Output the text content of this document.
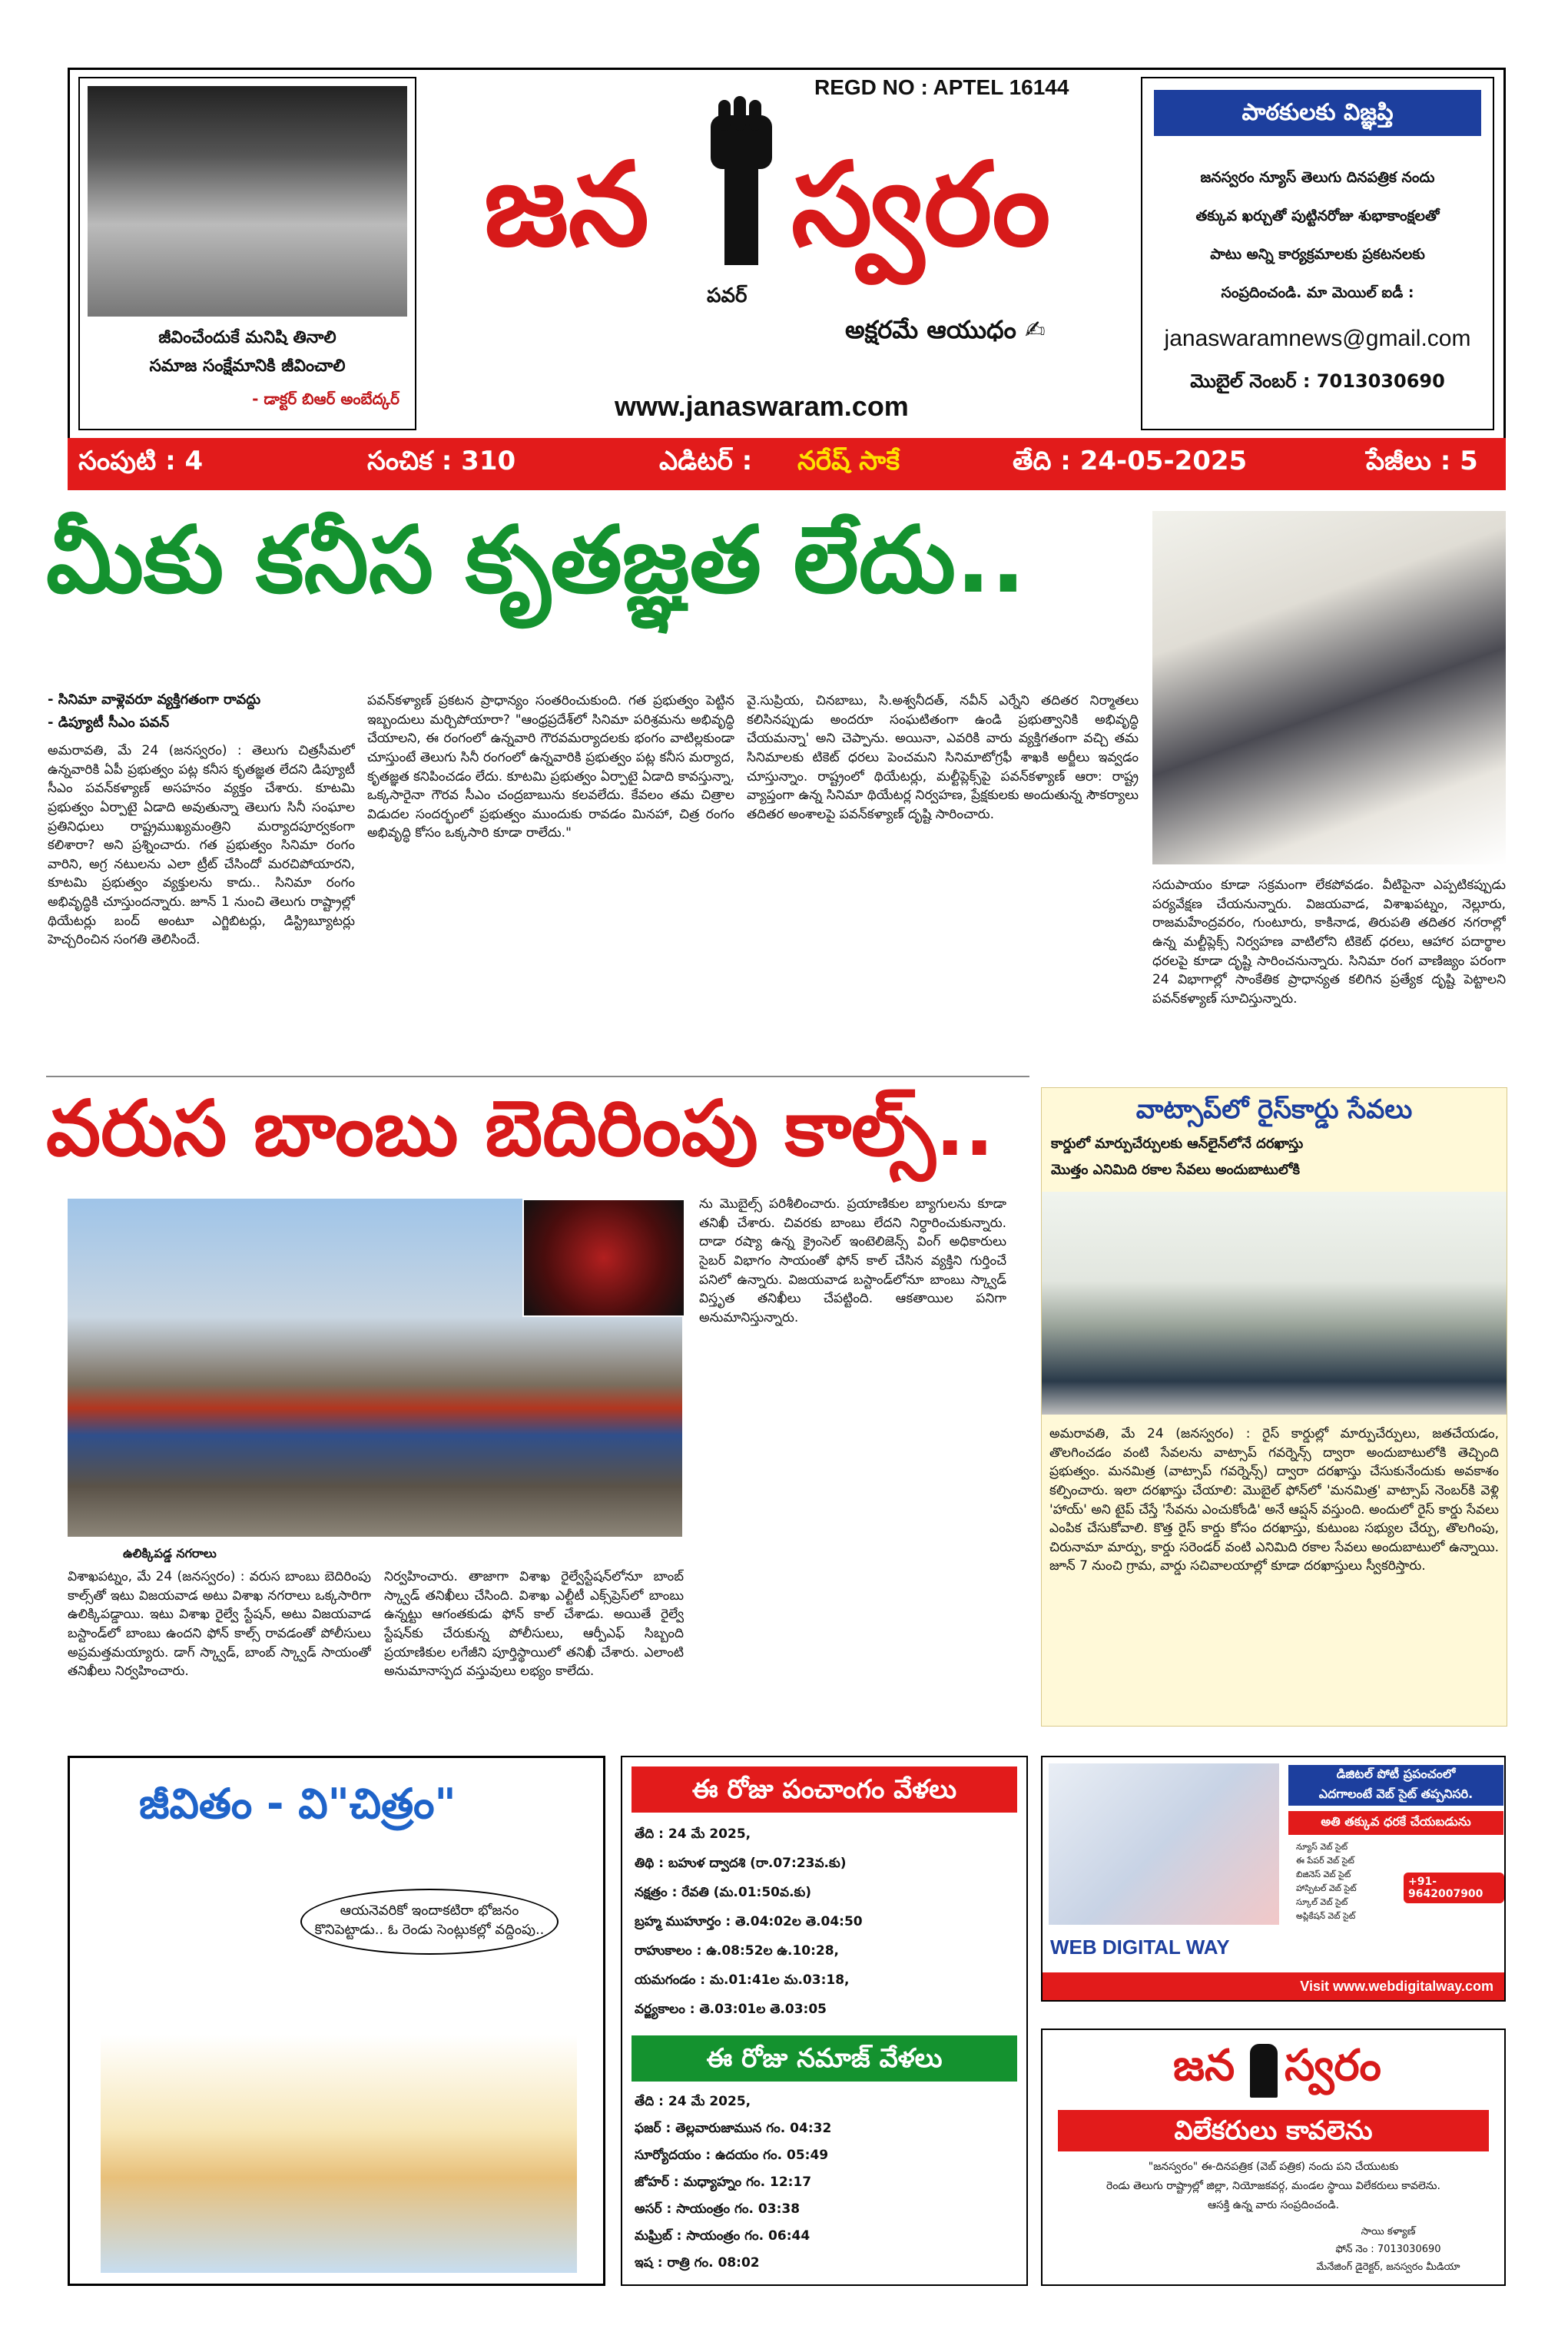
జీవించేందుకే మనిషి తినాలి
సమాజ సంక్షేమానికి జీవించాలి
- డాక్టర్ బిఆర్ అంబేద్కర్
REGD NO : APTEL 16144
జన
పవర్
స్వరం
అక్షరమే ఆయుధం ✍
www.janaswaram.com
పాఠకులకు విజ్ఞప్తి
జనస్వరం న్యూస్ తెలుగు దినపత్రిక నందు
తక్కువ ఖర్చుతో పుట్టినరోజు శుభాకాంక్షలతో
పాటు అన్ని కార్యక్రమాలకు ప్రకటనలకు
సంప్రదించండి. మా మెయిల్ ఐడీ :
janaswaramnews@gmail.com
మొబైల్ నెంబర్ : 7013030690
సంపుటి : 4	సంచిక : 310	ఎడిటర్ : నరేష్ సాకే	తేది : 24-05-2025	పేజీలు : 5
మీకు కనీస కృతజ్ఞత లేదు..
- సినిమా వాళ్లెవరూ వ్యక్తిగతంగా రావద్దు
- డిప్యూటీ సీఎం పవన్
అమరావతి, మే 24 (జనస్వరం) : తెలుగు చిత్రసీమలో ఉన్నవారికి ఏపీ ప్రభుత్వం పట్ల కనీస కృతజ్ఞత లేదని డిప్యూటీ సీఎం పవన్‌కళ్యాణ్ అసహనం వ్యక్తం చేశారు. కూటమి ప్రభుత్వం ఏర్పాటై ఏడాది అవుతున్నా తెలుగు సినీ సంఘాల ప్రతినిధులు రాష్ట్రముఖ్యమంత్రిని మర్యాదపూర్వకంగా కలిశారా? అని ప్రశ్నించారు. గత ప్రభుత్వం సినిమా రంగం వారిని, అగ్ర నటులను ఎలా ట్రీట్ చేసిందో మరచిపోయారని, కూటమి ప్రభుత్వం వ్యక్తులను కాదు.. సినిమా రంగం అభివృద్ధికి చూస్తుందన్నారు. జూన్ 1 నుంచి తెలుగు రాష్ట్రాల్లో థియేటర్లు బంద్ అంటూ ఎగ్జిబిటర్లు, డిస్ట్రిబ్యూటర్లు హెచ్చరించిన సంగతి తెలిసిందే.
పవన్‌కళ్యాణ్ ప్రకటన ప్రాధాన్యం సంతరించుకుంది. గత ప్రభుత్వం పెట్టిన ఇబ్బందులు మర్చిపోయారా? "ఆంధ్రప్రదేశ్‌లో సినిమా పరిశ్రమను అభివృద్ధి చేయాలని, ఈ రంగంలో ఉన్నవారి గౌరవమర్యాదలకు భంగం వాటిల్లకుండా చూస్తుంటే తెలుగు సినీ రంగంలో ఉన్నవారికి ప్రభుత్వం పట్ల కనీస మర్యాద, కృతజ్ఞత కనిపించడం లేదు. కూటమి ప్రభుత్వం ఏర్పాటై ఏడాది కావస్తున్నా, ఒక్కసారైనా గౌరవ సీఎం చంద్రబాబును కలవలేదు. కేవలం తమ చిత్రాల విడుదల సందర్భంలో ప్రభుత్వం ముందుకు రావడం మినహా, చిత్ర రంగం అభివృద్ధి కోసం ఒక్కసారి కూడా రాలేదు."
వై.సుప్రియ, చినబాబు, సి.అశ్వనీదత్, నవీన్ ఎర్నేని తదితర నిర్మాతలు కలిసినప్పుడు అందరూ సంఘటితంగా ఉండి ప్రభుత్వానికి అభివృద్ధి చేయమన్నా' అని చెప్పాను. అయినా, ఎవరికి వారు వ్యక్తిగతంగా వచ్చి తమ సినిమాలకు టికెట్ ధరలు పెంచమని సినిమాటోగ్రఫీ శాఖకి అర్జీలు ఇవ్వడం చూస్తున్నాం. రాష్ట్రంలో థియేటర్లు, మల్టీప్లెక్స్‌పై పవన్‌కళ్యాణ్ ఆరా: రాష్ట్ర వ్యాప్తంగా ఉన్న సినిమా థియేటర్ల నిర్వహణ, ప్రేక్షకులకు అందుతున్న సౌకర్యాలు తదితర అంశాలపై పవన్‌కళ్యాణ్ దృష్టి సారించారు.
సదుపాయం కూడా సక్రమంగా లేకపోవడం. వీటిపైనా ఎప్పటికప్పుడు పర్యవేక్షణ చేయనున్నారు. విజయవాడ, విశాఖపట్నం, నెల్లూరు, రాజమహేంద్రవరం, గుంటూరు, కాకినాడ, తిరుపతి తదితర నగరాల్లో ఉన్న మల్టీప్లెక్స్ నిర్వహణ వాటిలోని టికెట్ ధరలు, ఆహార పదార్థాల ధరలపై కూడా దృష్టి సారించనున్నారు. సినిమా రంగ వాణిజ్యం పరంగా 24 విభాగాల్లో సాంకేతిక ప్రాధాన్యత కలిగిన ప్రత్యేక దృష్టి పెట్టాలని పవన్‌కళ్యాణ్ సూచిస్తున్నారు.
వరుస బాంబు బెదిరింపు కాల్స్..
ఉలిక్కిపడ్డ నగరాలు
విశాఖపట్నం, మే 24 (జనస్వరం) : వరుస బాంబు బెదిరింపు కాల్స్‌తో ఇటు విజయవాడ అటు విశాఖ నగరాలు ఒక్కసారిగా ఉలిక్కిపడ్డాయి. ఇటు విశాఖ రైల్వే స్టేషన్, అటు విజయవాడ బస్టాండ్‌లో బాంబు ఉందని ఫోన్ కాల్స్ రావడంతో పోలీసులు అప్రమత్తమయ్యారు. డాగ్ స్క్వాడ్, బాంబ్ స్క్వాడ్ సాయంతో తనిఖీలు నిర్వహించారు.
నిర్వహించారు. తాజాగా విశాఖ రైల్వేస్టేషన్‌లోనూ బాంబ్ స్క్వాడ్ తనిఖీలు చేసింది. విశాఖ ఎల్టీటీ ఎక్స్‌ప్రెస్‌లో బాంబు ఉన్నట్టు ఆగంతకుడు ఫోన్ కాల్ చేశాడు. అయితే రైల్వే స్టేషన్‌కు చేరుకున్న పోలీసులు, ఆర్పీఎఫ్ సిబ్బంది ప్రయాణికుల లగేజీని పూర్తిస్థాయిలో తనిఖీ చేశారు. ఎలాంటి అనుమానాస్పద వస్తువులు లభ్యం కాలేదు.
ను మొబైల్స్ పరిశీలించారు. ప్రయాణికుల బ్యాగులను కూడా తనిఖీ చేశారు. చివరకు బాంబు లేదని నిర్ధారించుకున్నారు. దాడా రష్యా ఉన్న క్రైంసెల్ ఇంటెలిజెన్స్ వింగ్ అధికారులు సైబర్ విభాగం సాయంతో ఫోన్ కాల్ చేసిన వ్యక్తిని గుర్తించే పనిలో ఉన్నారు. విజయవాడ బస్టాండ్‌లోనూ బాంబు స్క్వాడ్ విస్తృత తనిఖీలు చేపట్టింది. ఆకతాయిల పనిగా అనుమానిస్తున్నారు.
వాట్సాప్‌లో రైస్‌కార్డు సేవలు
కార్డులో మార్పుచేర్పులకు ఆన్‌లైన్‌లోనే దరఖాస్తు
మొత్తం ఎనిమిది రకాల సేవలు అందుబాటులోకి
అమరావతి, మే 24 (జనస్వరం) : రైస్ కార్డుల్లో మార్పుచేర్పులు, జతచేయడం, తొలగించడం వంటి సేవలను వాట్సాప్ గవర్నెన్స్ ద్వారా అందుబాటులోకి తెచ్చింది ప్రభుత్వం. మనమిత్ర (వాట్సాప్ గవర్నెన్స్) ద్వారా దరఖాస్తు చేసుకునేందుకు అవకాశం కల్పించారు. ఇలా దరఖాస్తు చేయాలి: మొబైల్ ఫోన్‌లో 'మనమిత్ర' వాట్సాప్ నెంబర్‌కి వెళ్లి 'హాయ్' అని టైప్ చేస్తే 'సేవను ఎంచుకోండి' అనే ఆప్షన్ వస్తుంది. అందులో రైస్ కార్డు సేవలు ఎంపిక చేసుకోవాలి. కొత్త రైస్ కార్డు కోసం దరఖాస్తు, కుటుంబ సభ్యుల చేర్పు, తొలగింపు, చిరునామా మార్పు, కార్డు సరెండర్ వంటి ఎనిమిది రకాల సేవలు అందుబాటులో ఉన్నాయి. జూన్ 7 నుంచి గ్రామ, వార్డు సచివాలయాల్లో కూడా దరఖాస్తులు స్వీకరిస్తారు.
జీవితం - వి"చిత్రం"
ఆయనెవరికో ఇందాకటిరా భోజనం కొనిపెట్టాడు.. ఓ రెండు సెంట్లుకల్లో వద్దింపు..
ఈ రోజు పంచాంగం వేళలు
తేది : 24 మే 2025,
తిథి : బహుళ ద్వాదశి (రా.07:23వ.కు)
నక్షత్రం : రేవతి (మ.01:50వ.కు)
బ్రహ్మ ముహూర్తం : తె.04:02ల తె.04:50
రాహుకాలం : ఉ.08:52ల ఉ.10:28,
యమగండం : మ.01:41ల మ.03:18,
వర్జ్యకాలం : తె.03:01ల తె.03:05
ఈ రోజు నమాజ్ వేళలు
తేది : 24 మే 2025,
ఫజర్ : తెల్లవారుజామున గం. 04:32
సూర్యోదయం : ఉదయం గం. 05:49
జోహర్ : మధ్యాహ్నం గం. 12:17
అసర్ : సాయంత్రం గం. 03:38
మఘ్రిబ్ : సాయంత్రం గం. 06:44
ఇష : రాత్రి గం. 08:02
డిజిటల్ పోటీ ప్రపంచంలో
ఎదగాలంటే వెబ్ సైట్ తప్పనిసరి.
అతి తక్కువ ధరకే చేయబడును
న్యూస్ వెబ్ సైట్
ఈ పేపర్ వెబ్ సైట్
బిజినెస్ వెబ్ సైట్
హాస్పిటల్ వెబ్ సైట్
స్కూల్ వెబ్ సైట్
అప్లికేషన్ వెబ్ సైట్
+91-9642007900
WEB DIGITAL WAY
Visit www.webdigitalway.com
జన స్వరం
విలేకరులు కావలెను
"జనస్వరం" ఈ-దినపత్రిక (వెబ్ పత్రిక) నందు పని చేయుటకు
రెండు తెలుగు రాష్ట్రాల్లో జిల్లా, నియోజకవర్గ, మండల స్థాయి విలేకరులు కావలెను.
ఆసక్తి ఉన్న వారు సంప్రదించండి.
సాయి కళ్యాణ్
ఫోన్ నెం : 7013030690
మేనేజింగ్ డైరెక్టర్, జనస్వరం మీడియా
